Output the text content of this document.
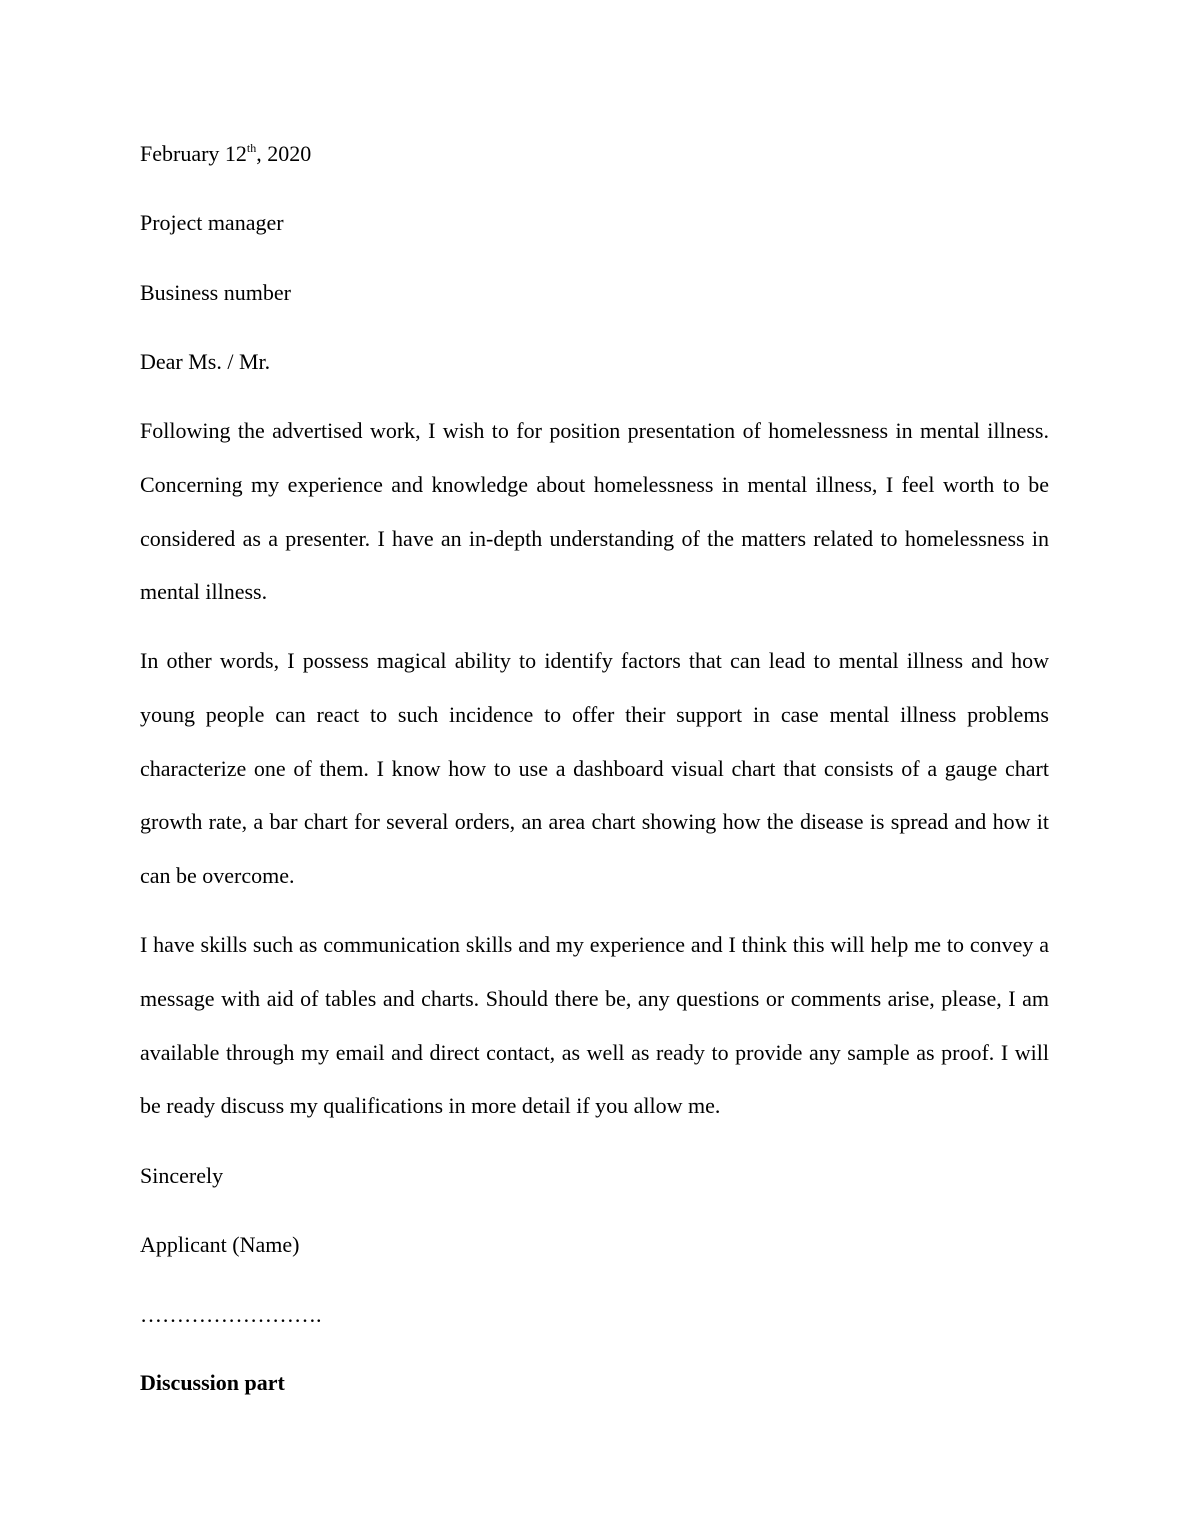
February 12th, 2020
Project manager
Business number
Dear Ms. / Mr.

Following the advertised work, I wish to for position presentation of homelessness in mental illness. Concerning my experience and knowledge about homelessness in mental illness, I feel worth to be considered as a presenter. I have an in-depth understanding of the matters related to homelessness in mental illness.

In other words, I possess magical ability to identify factors that can lead to mental illness and how young people can react to such incidence to offer their support in case mental illness problems characterize one of them. I know how to use a dashboard visual chart that consists of a gauge chart growth rate, a bar chart for several orders, an area chart showing how the disease is spread and how it can be overcome.

I have skills such as communication skills and my experience and I think this will help me to convey a message with aid of tables and charts. Should there be, any questions or comments arise, please, I am available through my email and direct contact, as well as ready to provide any sample as proof. I will be ready discuss my qualifications in more detail if you allow me.

Sincerely
Applicant (Name)
…………………….
Discussion part
